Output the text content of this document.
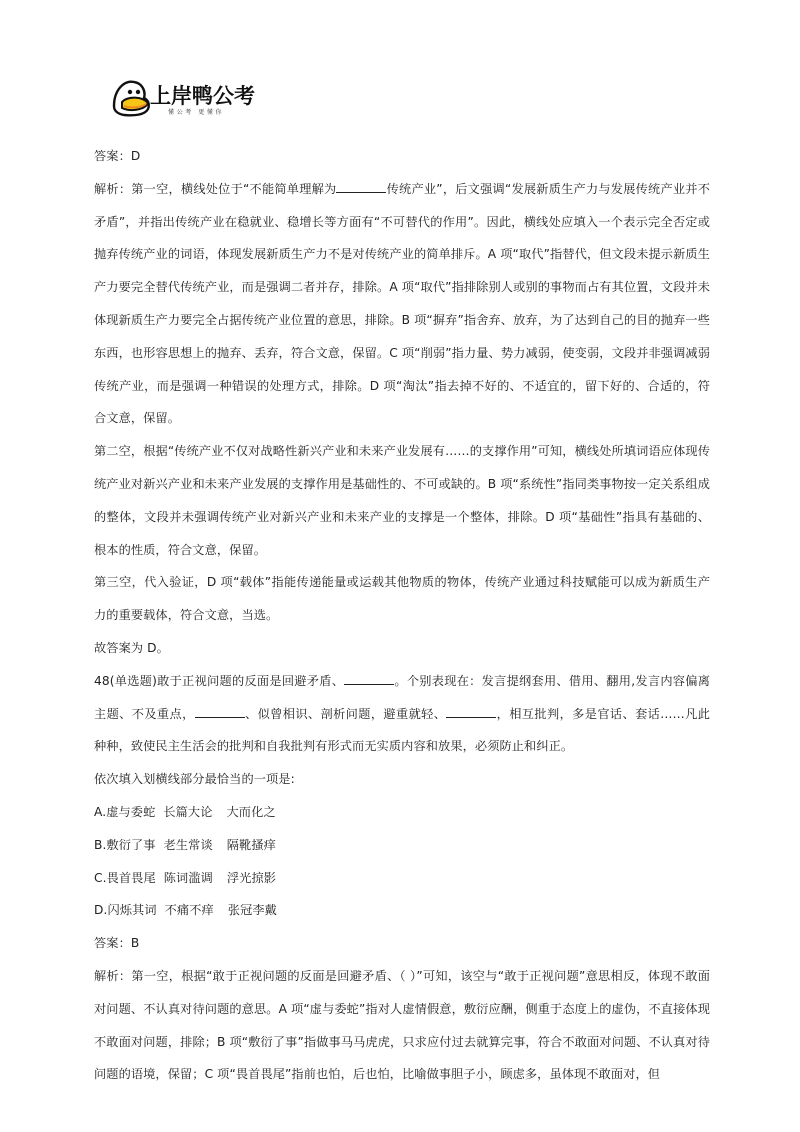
上岸鸭公考
懂公考 更懂你

答案：D

解析：第一空，横线处位于“不能简单理解为	传统产业”，后文强调“发展新质生产力与发展传统产业并不矛盾”，并指出传统产业在稳就业、稳增长等方面有“不可替代的作用”。因此，横线处应填入一个表示完全否定或抛弃传统产业的词语，体现发展新质生产力不是对传统产业的简单排斥。A 项“取代”指替代，但文段未提示新质生产力要完全替代传统产业，而是强调二者并存，排除。A 项“取代”指排除别人或别的事物而占有其位置，文段并未体现新质生产力要完全占据传统产业位置的意思，排除。B 项“摒弃”指舍弃、放弃，为了达到自己的目的抛弃一些东西，也形容思想上的抛弃、丢弃，符合文意，保留。C 项“削弱”指力量、势力减弱，使变弱，文段并非强调减弱传统产业，而是强调一种错误的处理方式，排除。D 项“淘汰”指去掉不好的、不适宜的，留下好的、合适的，符合文意，保留。

第二空，根据“传统产业不仅对战略性新兴产业和未来产业发展有……的支撑作用”可知，横线处所填词语应体现传统产业对新兴产业和未来产业发展的支撑作用是基础性的、不可或缺的。B 项“系统性”指同类事物按一定关系组成的整体，文段并未强调传统产业对新兴产业和未来产业的支撑是一个整体，排除。D 项“基础性”指具有基础的、根本的性质，符合文意，保留。

第三空，代入验证，D 项“载体”指能传递能量或运载其他物质的物体，传统产业通过科技赋能可以成为新质生产力的重要载体，符合文意，当选。

故答案为 D。

48(单选题)敢于正视问题的反面是回避矛盾、	。个别表现在：发言提纲套用、借用、翻用,发言内容偏离主题、不及重点，	、似曾相识、剖析问题，避重就轻、	，相互批判，多是官话、套话……凡此种种，致使民主生活会的批判和自我批判有形式而无实质内容和放果，必须防止和纠正。

依次填入划横线部分最恰当的一项是:

A.虚与委蛇 长篇大论 大而化之

B.敷衍了事 老生常谈 隔靴搔痒

C.畏首畏尾 陈词滥调 浮光掠影

D.闪烁其词 不痛不痒 张冠李戴

答案：B

解析：第一空，根据“敢于正视问题的反面是回避矛盾、（ ）”可知，该空与“敢于正视问题”意思相反，体现不敢面对问题、不认真对待问题的意思。A 项“虚与委蛇”指对人虚情假意，敷衍应酬，侧重于态度上的虚伪，不直接体现不敢面对问题，排除；B 项“敷衍了事”指做事马马虎虎，只求应付过去就算完事，符合不敢面对问题、不认真对待问题的语境，保留；C 项“畏首畏尾”指前也怕，后也怕，比喻做事胆子小，顾虑多，虽体现不敢面对，但
